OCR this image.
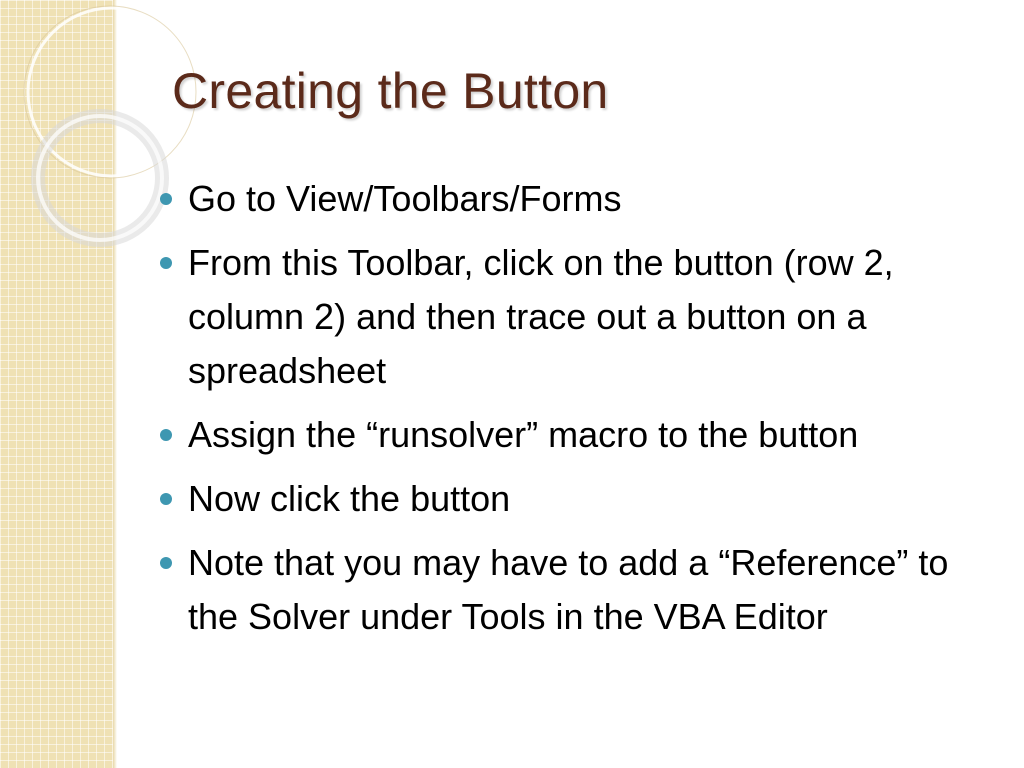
Creating the Button
Go to View/Toolbars/Forms
From this Toolbar, click on the button (row 2, column 2) and then trace out a button on a spreadsheet
Assign the “runsolver” macro to the button
Now click the button
Note that you may have to add a “Reference” to the Solver under Tools in the VBA Editor
